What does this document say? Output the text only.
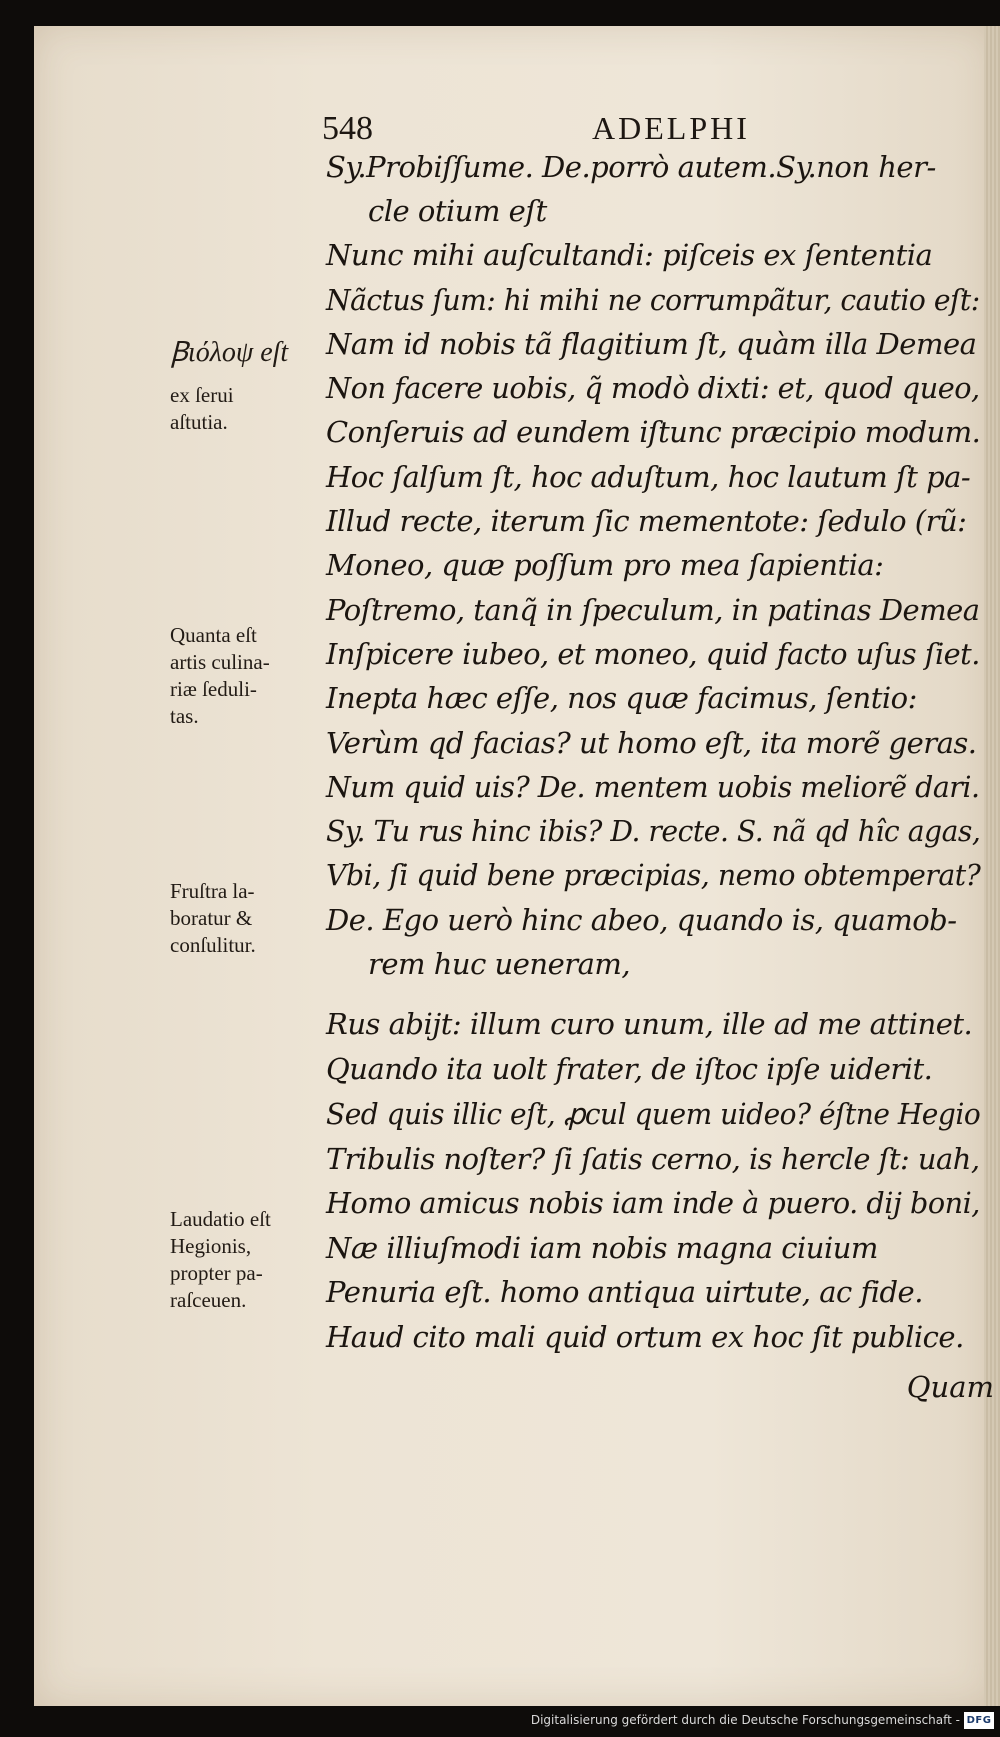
548	ADELPHI
Sy.Probiſſume. De.porrò autem.Sy.non her-
cle otium eſt
Nunc mihi auſcultandi: piſceis ex ſententia
Nãctus ſum: hi mihi ne corrumpãtur, cautio eſt:
Nam id nobis tã flagitium ſt, quàm illa Demea
Non facere uobis, q̃ modò dixti: et, quod queo,
Conſeruis ad eundem iſtunc præcipio modum.
Hoc ſalſum ſt, hoc aduſtum, hoc lautum ſt pa-
Illud recte, iterum ſic mementote: ſedulo (rũ:
Moneo, quæ poſſum pro mea ſapientia:
Poſtremo, tanq̃ in ſpeculum, in patinas Demea
Inſpicere iubeo, et moneo, quid facto uſus ſiet.
Inepta hæc eſſe, nos quæ facimus, ſentio:
Verùm qd facias? ut homo eſt, ita morẽ geras.
Num quid uis? De. mentem uobis meliorẽ dari.
Sy. Tu rus hinc ibis? D. recte. S. nã qd hîc agas,
Vbi, ſi quid bene præcipias, nemo obtemperat?
De. Ego uerò hinc abeo, quando is, quamob-
rem huc ueneram,
Rus abijt: illum curo unum, ille ad me attinet.
Quando ita uolt frater, de iſtoc ipſe uiderit.
Sed quis illic eſt, ꝓcul quem uideo? éſtne Hegio
Tribulis noſter? ſi ſatis cerno, is hercle ſt: uah,
Homo amicus nobis iam inde à puero. dij boni,
Næ illiuſmodi iam nobis magna ciuium
Penuria eſt. homo antiqua uirtute, ac fide.
Haud cito mali quid ortum ex hoc ſit publice.
Quam
Ꞵιόλοψ eſt
ex ſerui
aſtutia.
Quanta eſt
artis culina-
riæ ſeduli-
tas.
Fruſtra la-
boratur &
conſulitur.
Laudatio eſt
Hegionis,
propter pa-
raſceuen.
Digitalisierung gefördert durch die Deutsche Forschungsgemeinschaft - DFG
